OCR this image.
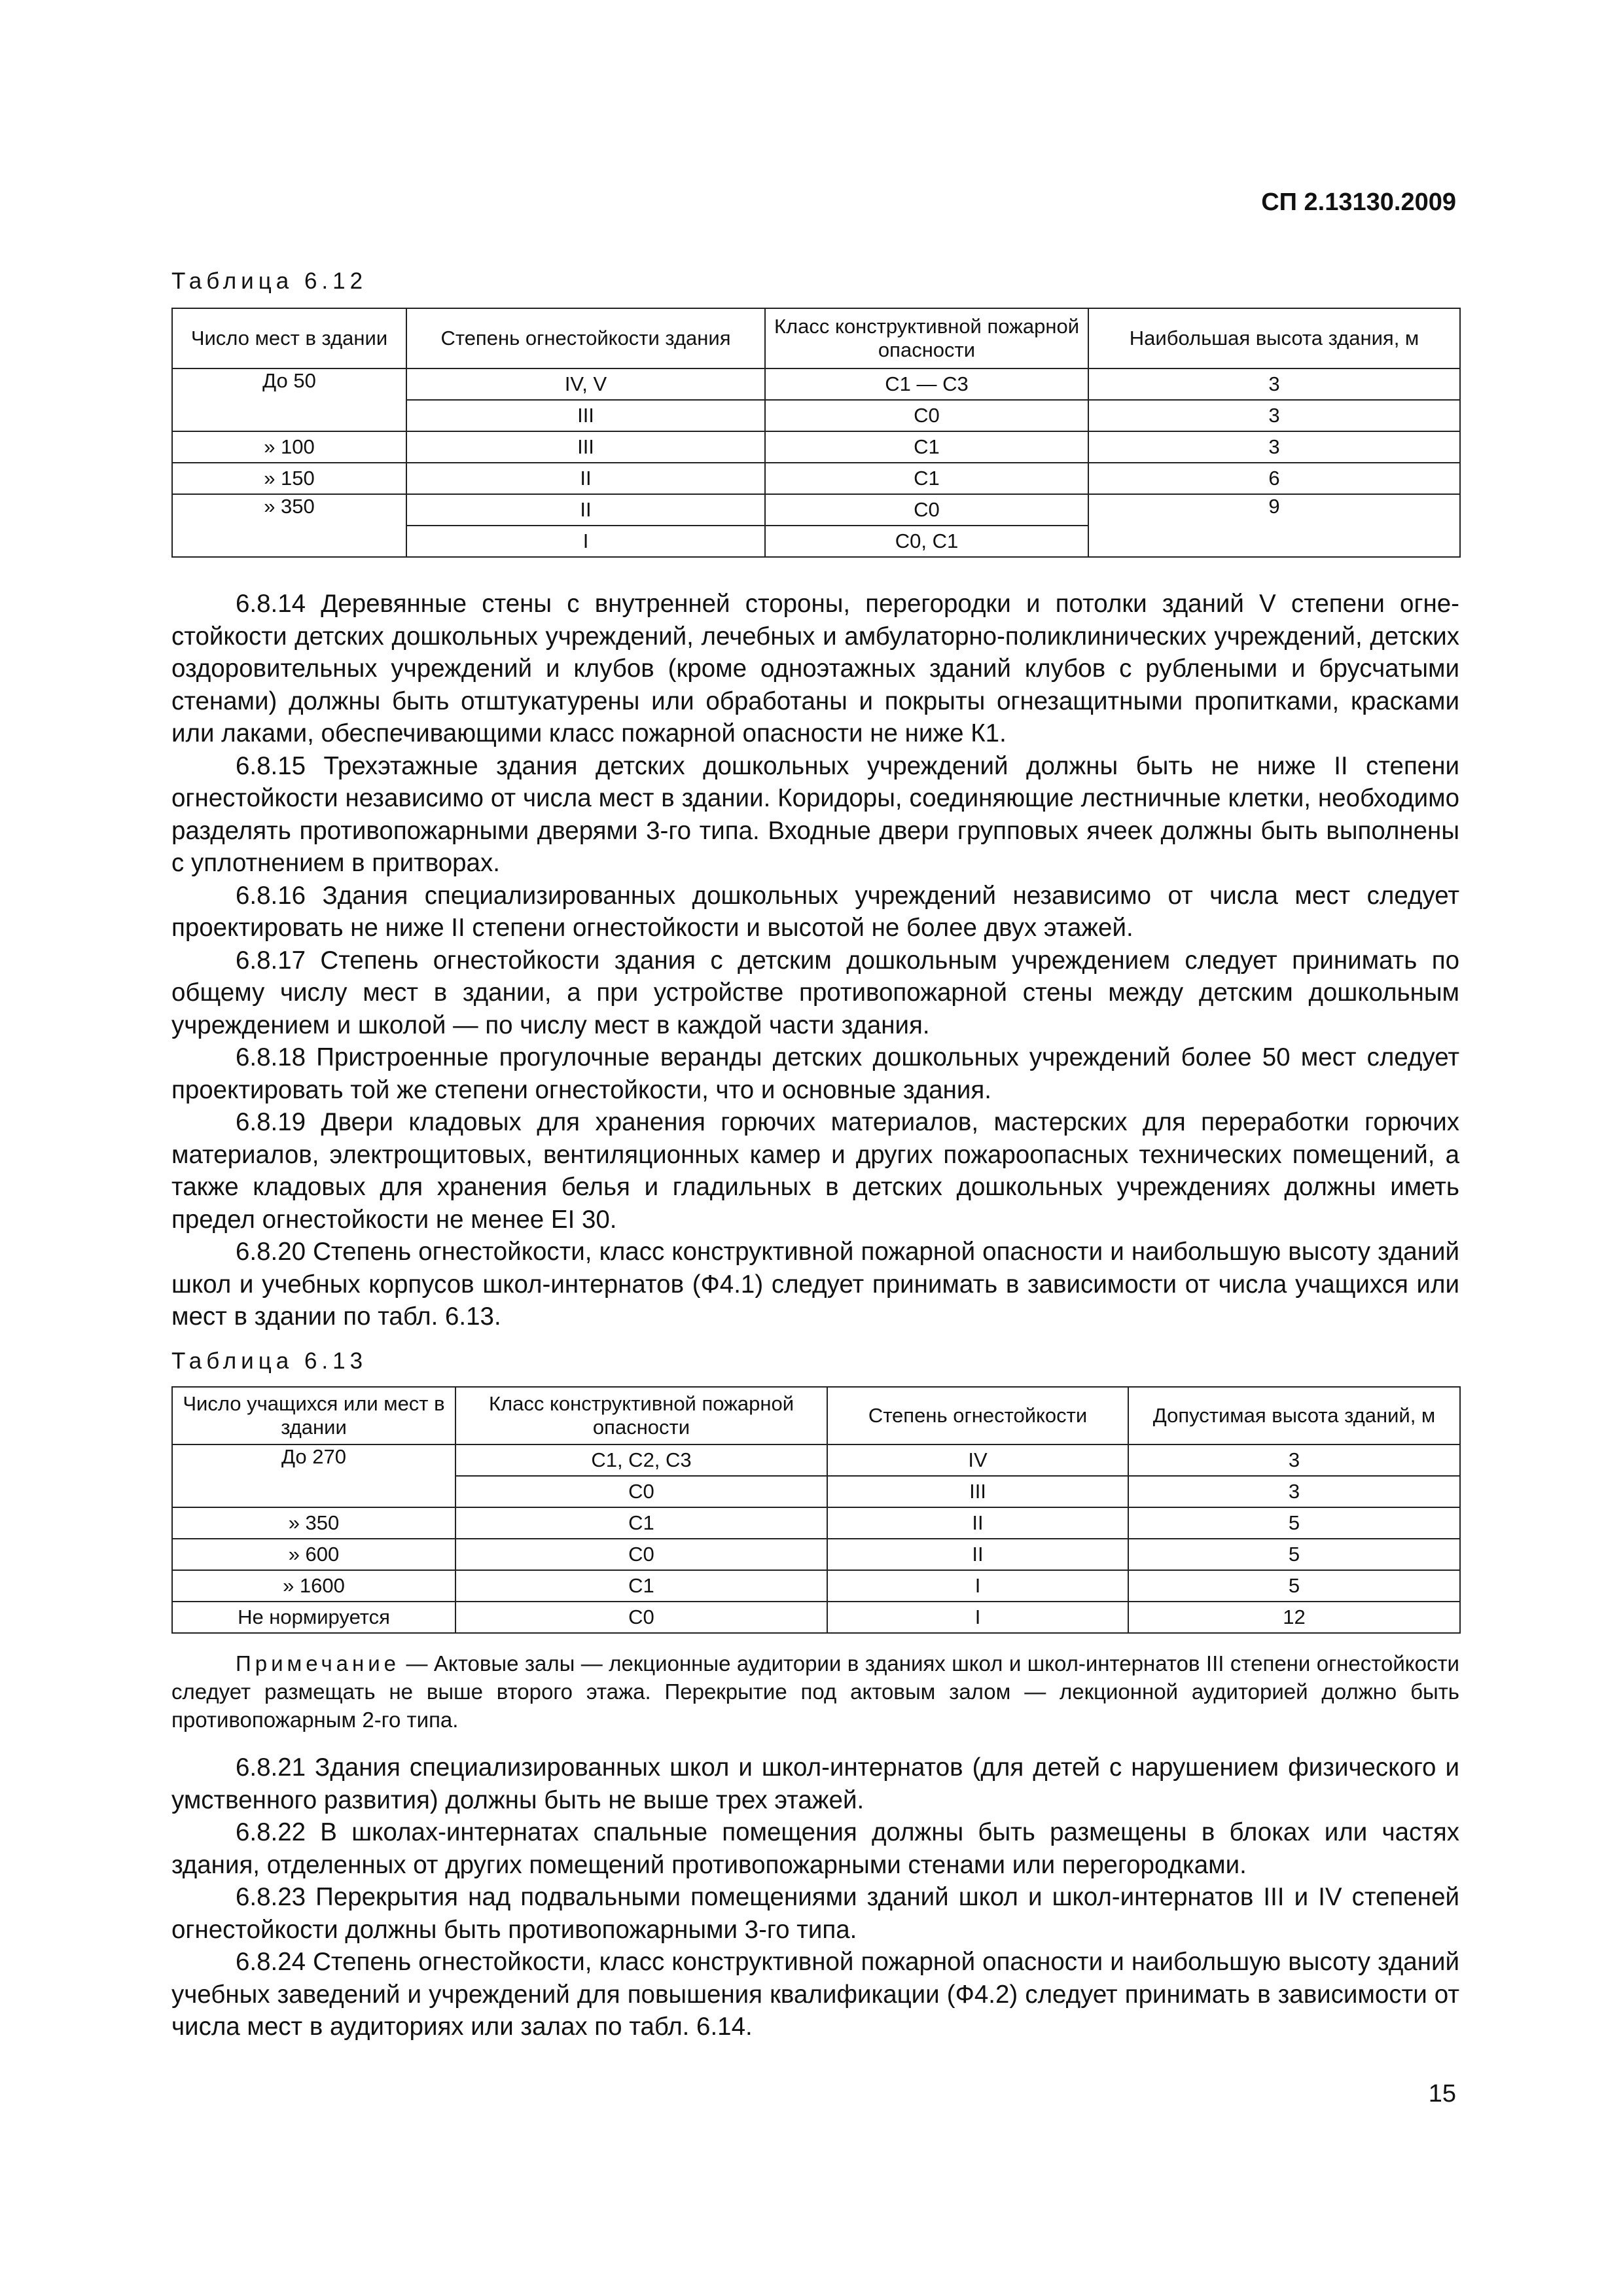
СП 2.13130.2009
Таблица 6.12
Число мест в здании	Степень огнестойкости здания	Класс конструктивной пожарной опасности	Наибольшая высота здания, м
До 50	IV, V	С1 — С3	3
	III	С0	3
» 100	III	С1	3
» 150	II	С1	6
» 350	II	С0	9
	I	С0, С1	

6.8.14 Деревянные стены с внутренней стороны, перегородки и потолки зданий V степени огнестойкости детских дошкольных учреждений, лечебных и амбулаторно-поликлинических учреждений, детских оздоровительных учреждений и клубов (кроме одноэтажных зданий клубов с рублеными и брусчатыми стенами) должны быть отштукатурены или обработаны и покрыты огнезащитными пропитками, красками или лаками, обеспечивающими класс пожарной опасности не ниже К1.

6.8.15 Трехэтажные здания детских дошкольных учреждений должны быть не ниже II степени огнестойкости независимо от числа мест в здании. Коридоры, соединяющие лестничные клетки, необходимо разделять противопожарными дверями 3-го типа. Входные двери групповых ячеек должны быть выполнены с уплотнением в притворах.

6.8.16 Здания специализированных дошкольных учреждений независимо от числа мест следует проектировать не ниже II степени огнестойкости и высотой не более двух этажей.

6.8.17 Степень огнестойкости здания с детским дошкольным учреждением следует принимать по общему числу мест в здании, а при устройстве противопожарной стены между детским дошкольным учреждением и школой — по числу мест в каждой части здания.

6.8.18 Пристроенные прогулочные веранды детских дошкольных учреждений более 50 мест следует проектировать той же степени огнестойкости, что и основные здания.

6.8.19 Двери кладовых для хранения горючих материалов, мастерских для переработки горючих материалов, электрощитовых, вентиляционных камер и других пожароопасных технических помещений, а также кладовых для хранения белья и гладильных в детских дошкольных учреждениях должны иметь предел огнестойкости не менее EI 30.

6.8.20 Степень огнестойкости, класс конструктивной пожарной опасности и наибольшую высоту зданий школ и учебных корпусов школ-интернатов (Ф4.1) следует принимать в зависимости от числа учащихся или мест в здании по табл. 6.13.

Таблица 6.13
Число учащихся или мест в здании	Класс конструктивной пожарной опасности	Степень огнестойкости	Допустимая высота зданий, м
До 270	С1, С2, С3	IV	3
	С0	III	3
» 350	С1	II	5
» 600	С0	II	5
» 1600	С1	I	5
Не нормируется	С0	I	12

Примечание — Актовые залы — лекционные аудитории в зданиях школ и школ-интернатов III степени огнестойкости следует размещать не выше второго этажа. Перекрытие под актовым залом — лекционной аудиторией должно быть противопожарным 2-го типа.

6.8.21 Здания специализированных школ и школ-интернатов (для детей с нарушением физического и умственного развития) должны быть не выше трех этажей.

6.8.22 В школах-интернатах спальные помещения должны быть размещены в блоках или частях здания, отделенных от других помещений противопожарными стенами или перегородками.

6.8.23 Перекрытия над подвальными помещениями зданий школ и школ-интернатов III и IV степеней огнестойкости должны быть противопожарными 3-го типа.

6.8.24 Степень огнестойкости, класс конструктивной пожарной опасности и наибольшую высоту зданий учебных заведений и учреждений для повышения квалификации (Ф4.2) следует принимать в зависимости от числа мест в аудиториях или залах по табл. 6.14.

15
